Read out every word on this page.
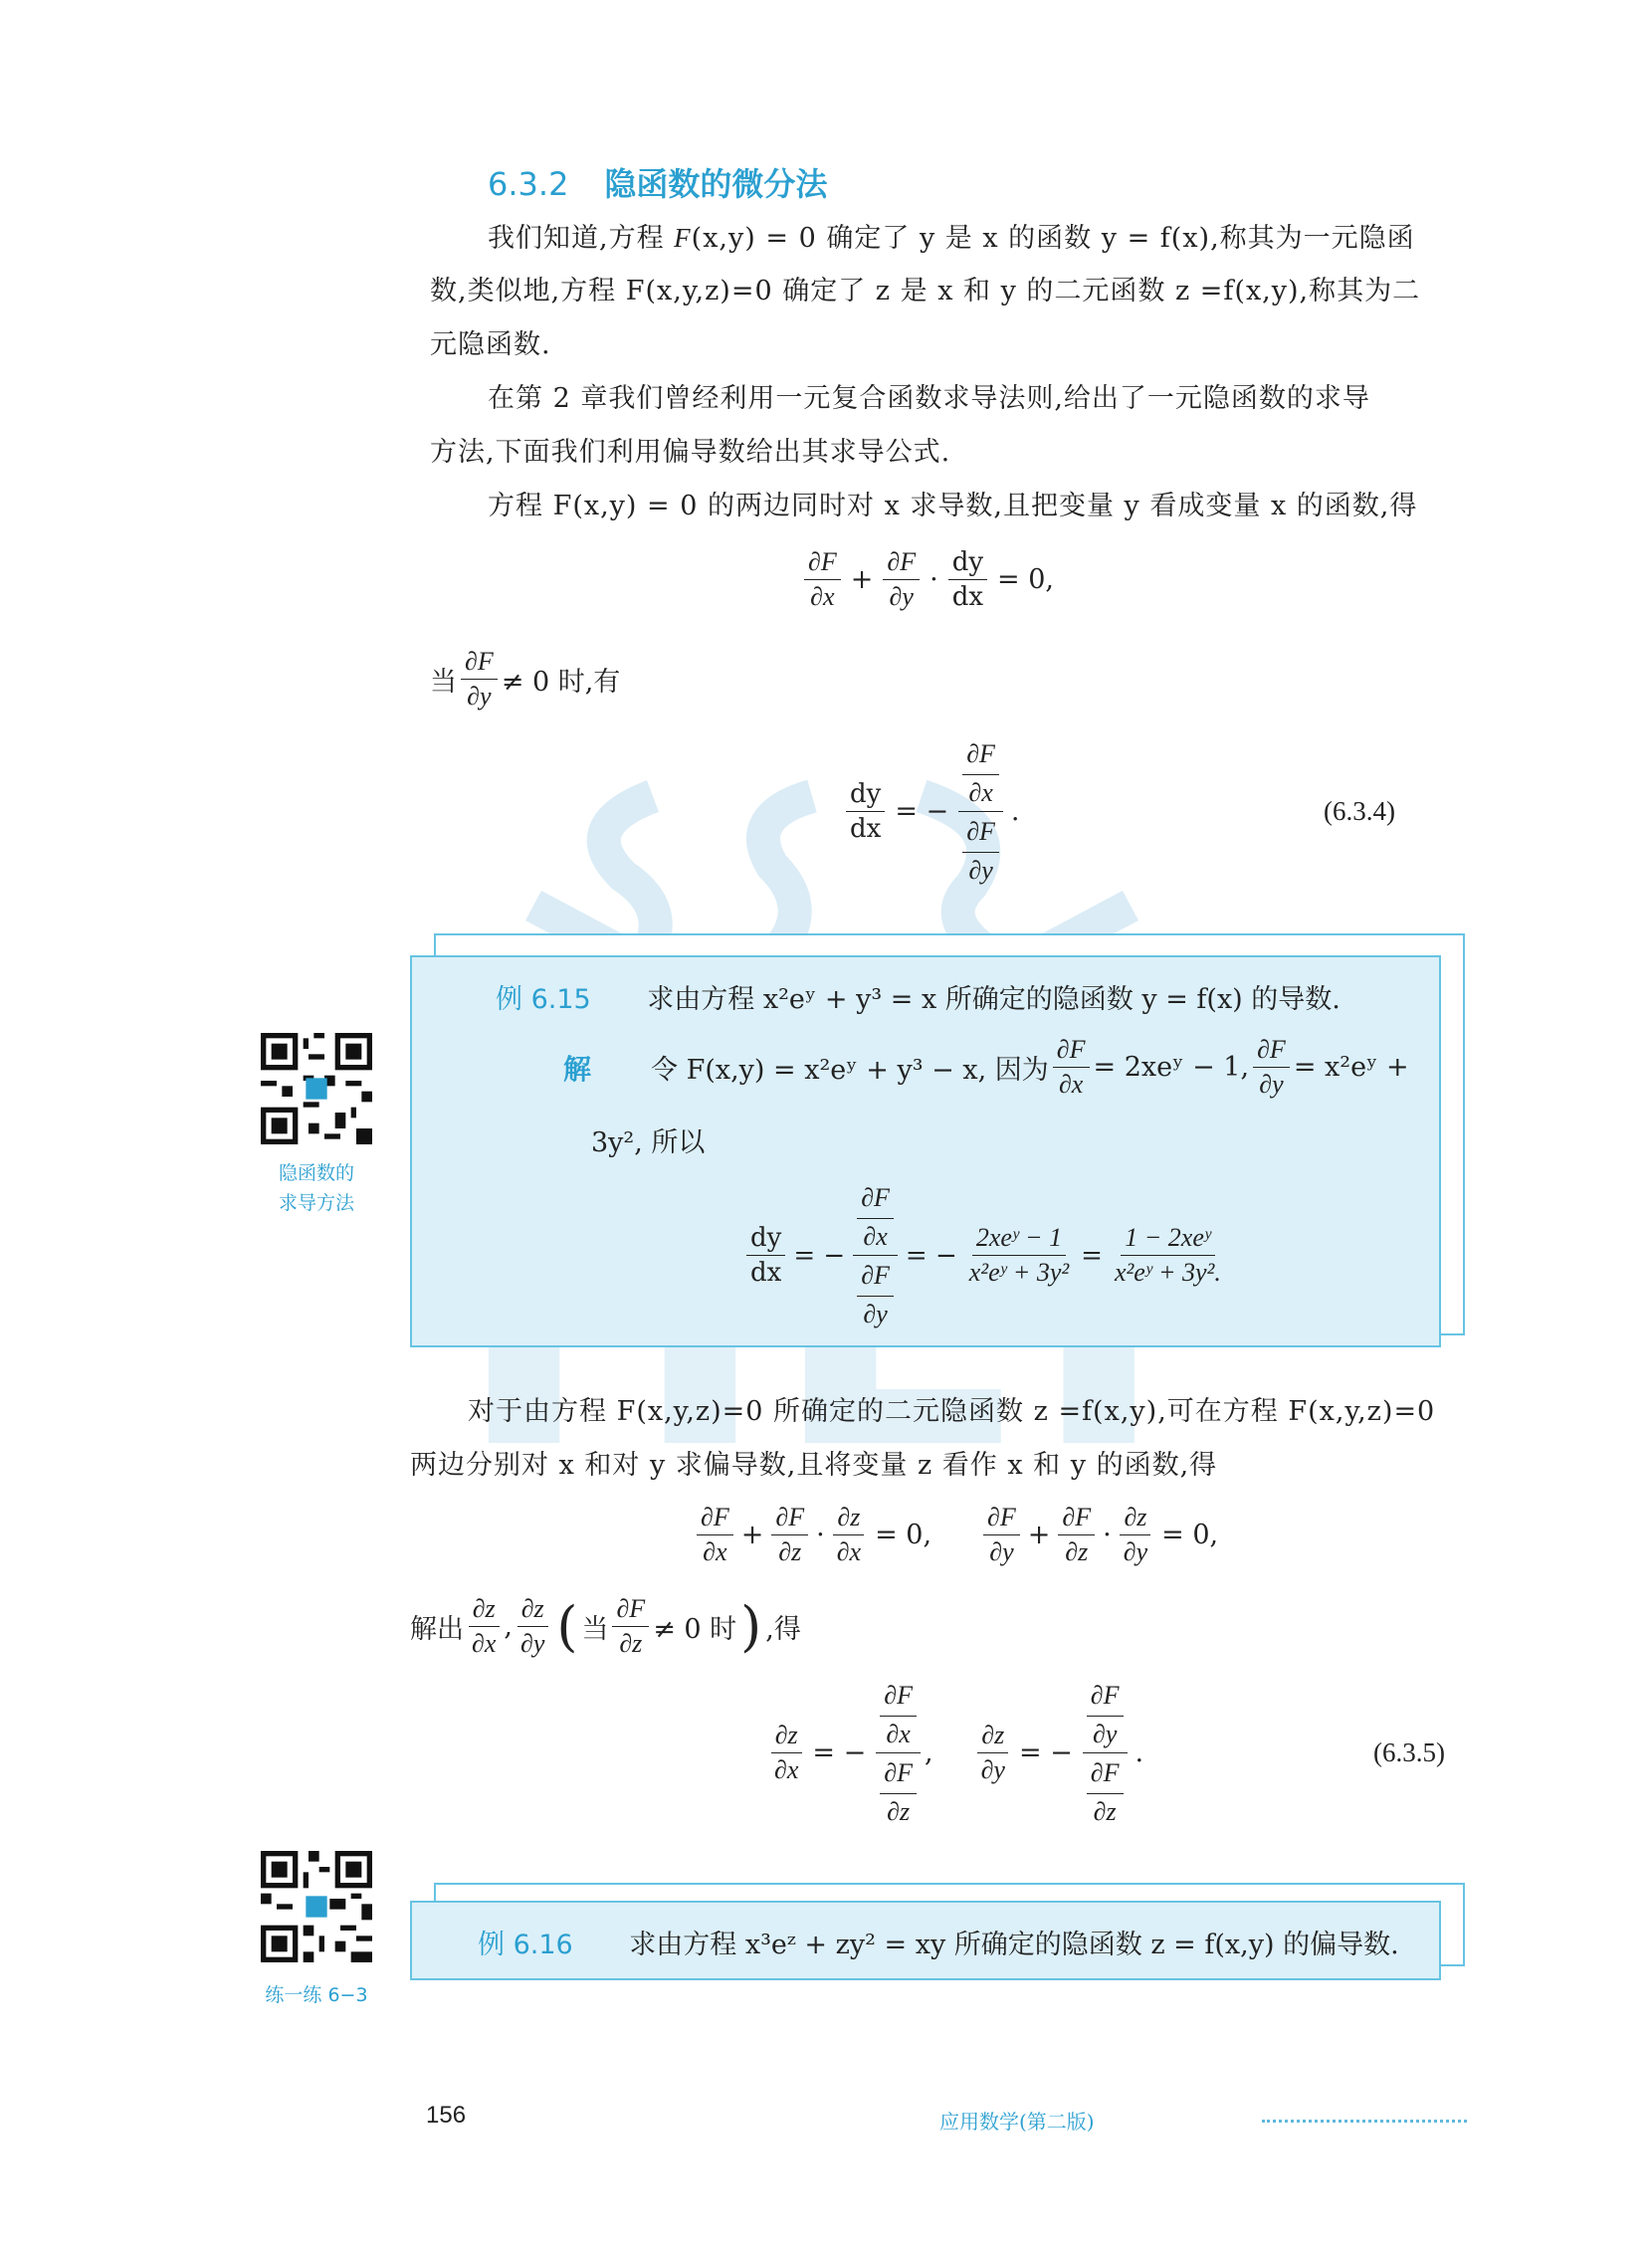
6.3.2 隐函数的微分法
我们知道,方程 F(x,y) = 0 确定了 y 是 x 的函数 y = f(x),称其为一元隐函
数,类似地,方程 F(x,y,z)=0 确定了 z 是 x 和 y 的二元函数 z =f(x,y),称其为二
元隐函数.
在第 2 章我们曾经利用一元复合函数求导法则,给出了一元隐函数的求导
方法,下面我们利用偏导数给出其求导公式.
方程 F(x,y) = 0 的两边同时对 x 求导数,且把变量 y 看成变量 x 的函数,得
$\frac{\partial F}{\partial x} + \frac{\partial F}{\partial y} \cdot \frac{dy}{dx} = 0$,
当 $\frac{\partial F}{\partial y} \ne 0$ 时,有
$\frac{dy}{dx}$ = − $\frac{\frac{\partial F}{\partial x}}{\frac{\partial F}{\partial y}}$ .	(6.3.4)
例 6.15 求由方程 x²eʸ + y³ = x 所确定的隐函数 y = f(x) 的导数.
解 令 F(x,y) = x²eʸ + y³ − x, 因为 $\frac{\partial F}{\partial x}$ = 2xeʸ − 1, $\frac{\partial F}{\partial y}$ = x²eʸ +
3y², 所以
$\frac{dy}{dx}$ = − $\frac{\frac{\partial F}{\partial x}}{\frac{\partial F}{\partial y}}$ = − $\frac{\text{2xeʸ − 1}}{\text{x²eʸ + 3y²}} = \frac{\text{1 − 2xeʸ}}{\text{x²eʸ + 3y².}}$
隐函数的
求导方法
对于由方程 F(x,y,z)=0 所确定的二元隐函数 z =f(x,y),可在方程 F(x,y,z)=0
两边分别对 x 和对 y 求偏导数,且将变量 z 看作 x 和 y 的函数,得
$\frac{\partial F}{\partial x} + \frac{\partial F}{\partial z} \cdot \frac{\partial z}{\partial x} = 0$, $\frac{\partial F}{\partial y} + \frac{\partial F}{\partial z} \cdot \frac{\partial z}{\partial y} = 0$,
解出 $\frac{\partial z}{\partial x}$ , $\frac{\partial z}{\partial y}$ ( 当 $\frac{\partial F}{\partial z} \ne 0$ 时 ) ,得
$\frac{\partial z}{\partial x}$ = − $\frac{\frac{\partial F}{\partial x}}{\frac{\partial F}{\partial z}}$ , $\frac{\partial z}{\partial y}$ = − $\frac{\frac{\partial F}{\partial y}}{\frac{\partial F}{\partial z}}$ .	(6.3.5)
练一练 6−3
例 6.16 求由方程 x³eᶻ + zy² = xy 所确定的隐函数 z = f(x,y) 的偏导数.
156	应用数学(第二版)
